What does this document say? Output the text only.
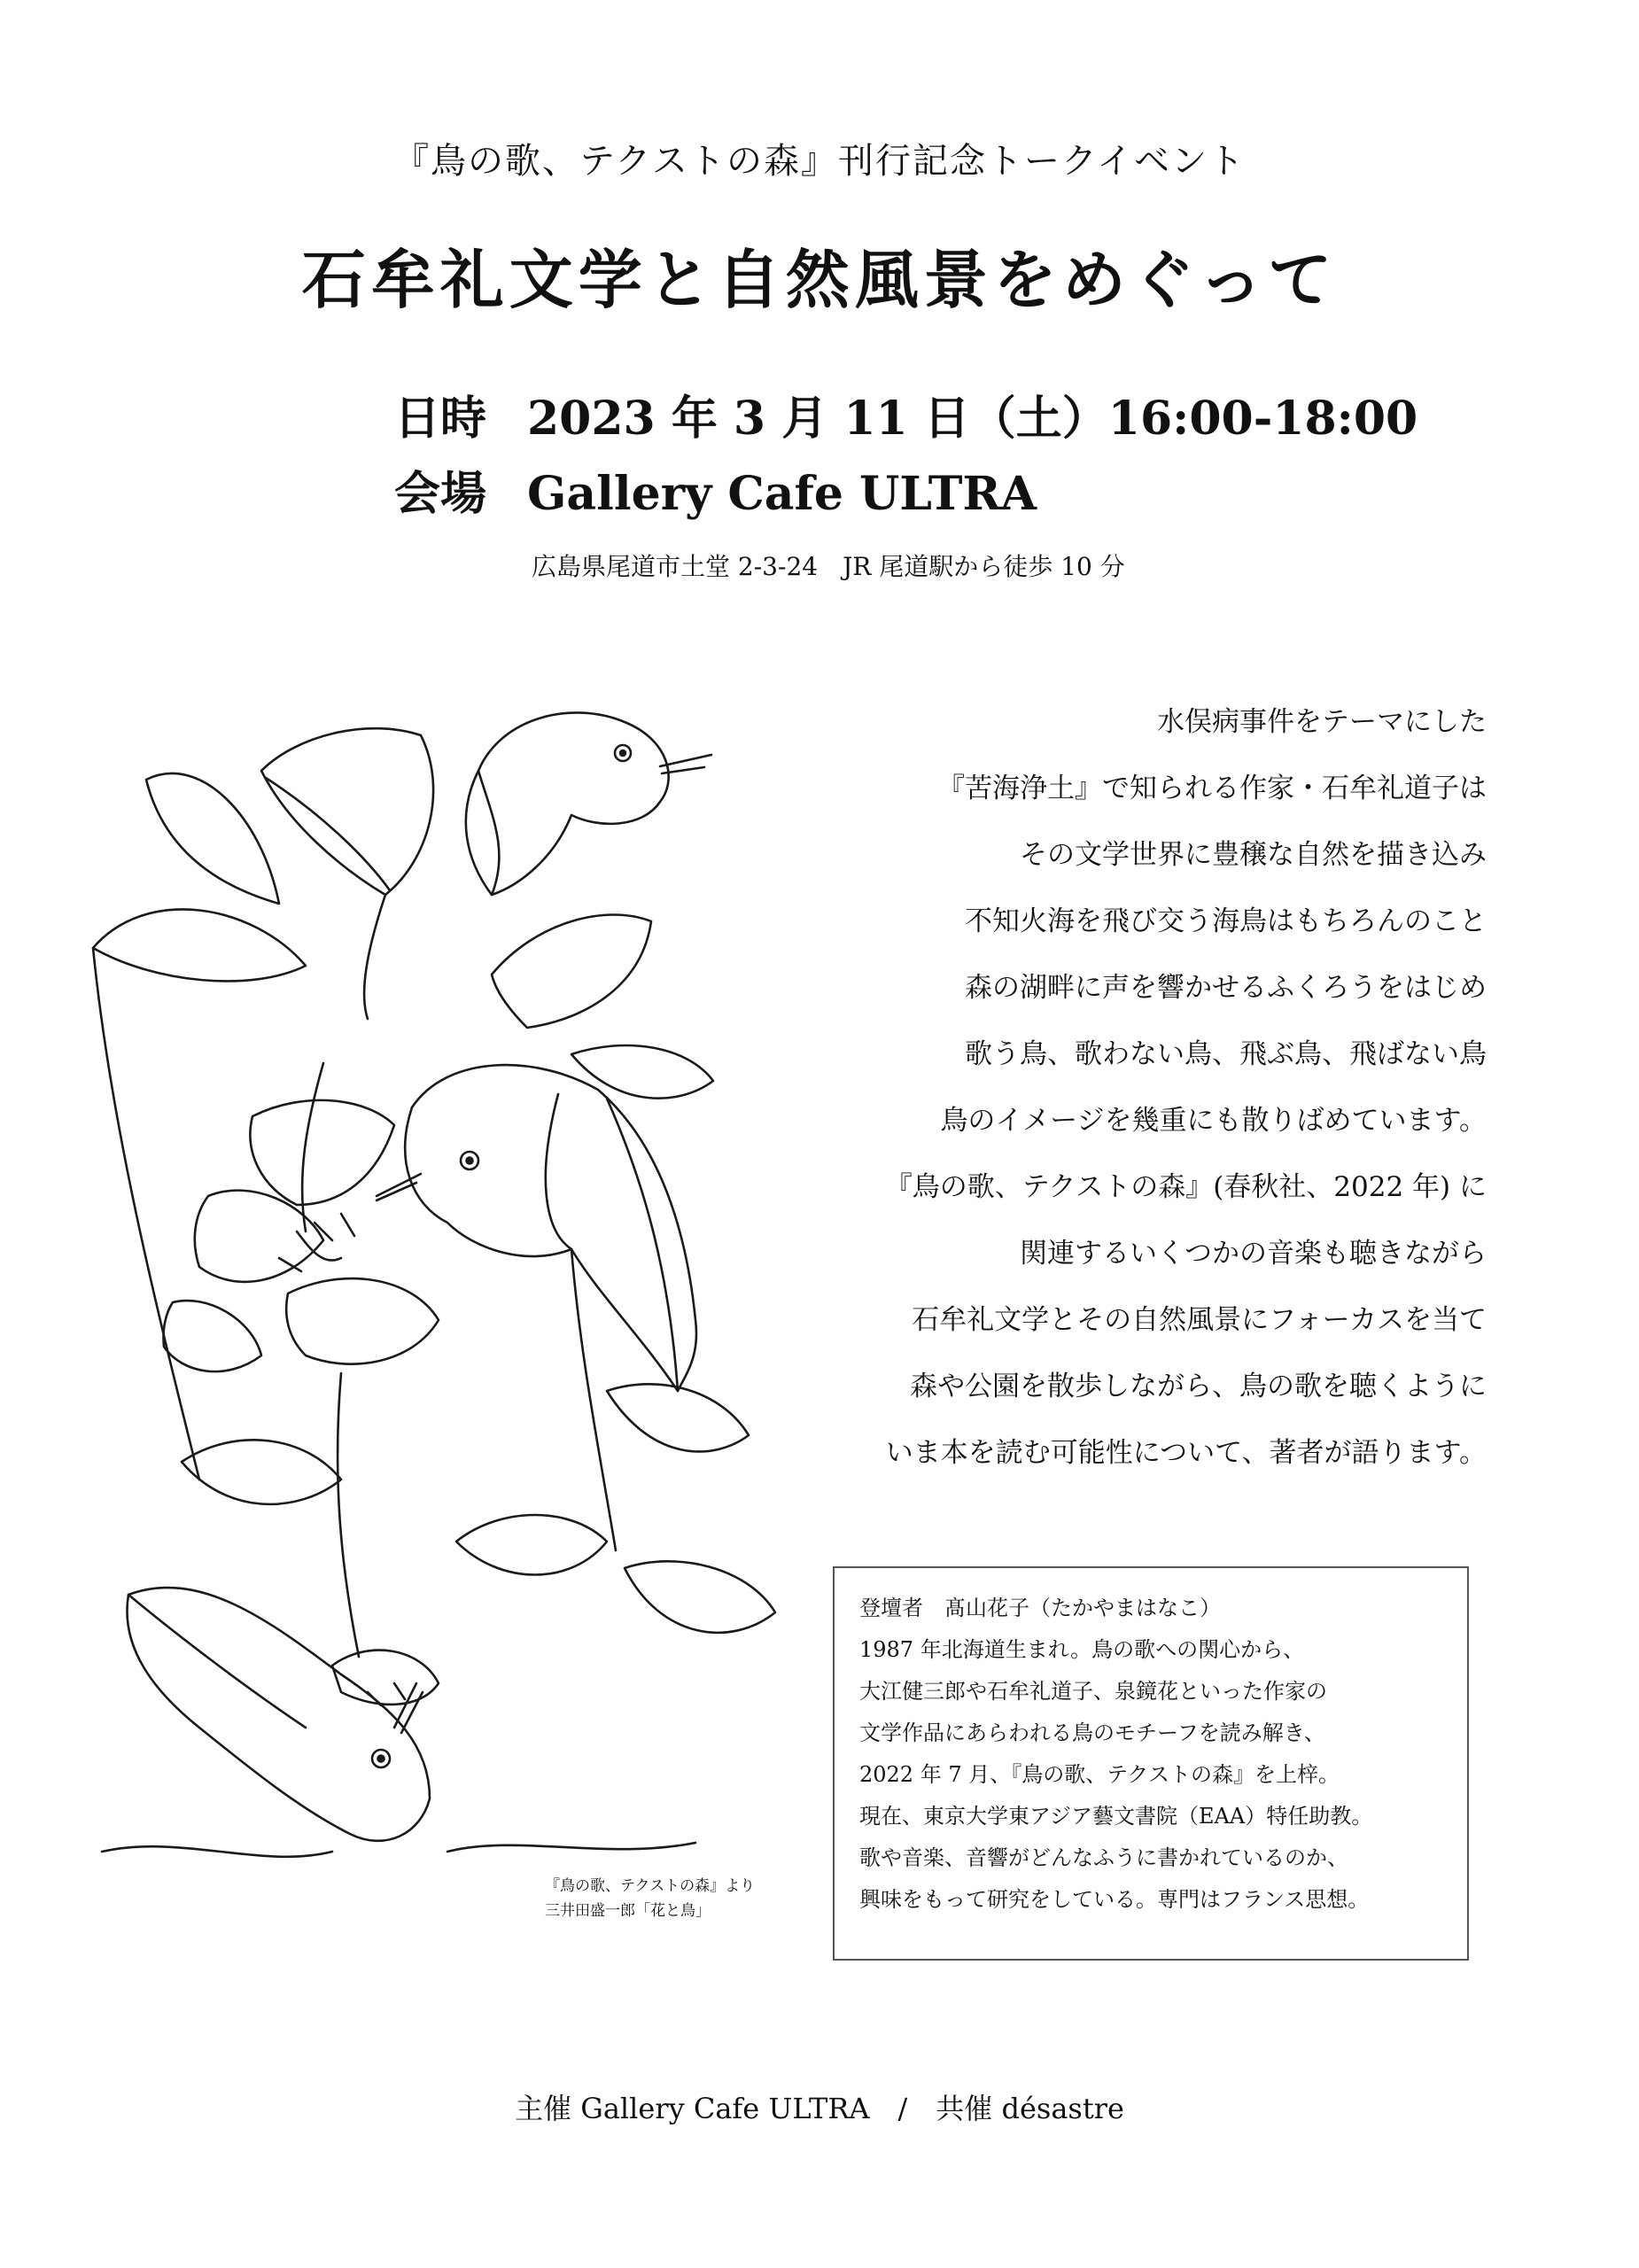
『鳥の歌、テクストの森』刊行記念トークイベント
石牟礼文学と自然風景をめぐって
日時 2023 年 3 月 11 日（土）16:00-18:00
会場 Gallery Cafe ULTRA
広島県尾道市土堂 2-3-24　JR 尾道駅から徒歩 10 分
『鳥の歌、テクストの森』より
三井田盛一郎「花と鳥」
水俣病事件をテーマにした
『苦海浄土』で知られる作家・石牟礼道子は
その文学世界に豊穣な自然を描き込み
不知火海を飛び交う海鳥はもちろんのこと
森の湖畔に声を響かせるふくろうをはじめ
歌う鳥、歌わない鳥、飛ぶ鳥、飛ばない鳥
鳥のイメージを幾重にも散りばめています。
『鳥の歌、テクストの森』(春秋社、2022 年) に
関連するいくつかの音楽も聴きながら
石牟礼文学とその自然風景にフォーカスを当て
森や公園を散歩しながら、鳥の歌を聴くように
いま本を読む可能性について、著者が語ります。
登壇者　髙山花子（たかやまはなこ）
1987 年北海道生まれ。鳥の歌への関心から、
大江健三郎や石牟礼道子、泉鏡花といった作家の
文学作品にあらわれる鳥のモチーフを読み解き、
2022 年 7 月、『鳥の歌、テクストの森』を上梓。
現在、東京大学東アジア藝文書院（EAA）特任助教。
歌や音楽、音響がどんなふうに書かれているのか、
興味をもって研究をしている。専門はフランス思想。
主催 Gallery Cafe ULTRA　/　共催 désastre
